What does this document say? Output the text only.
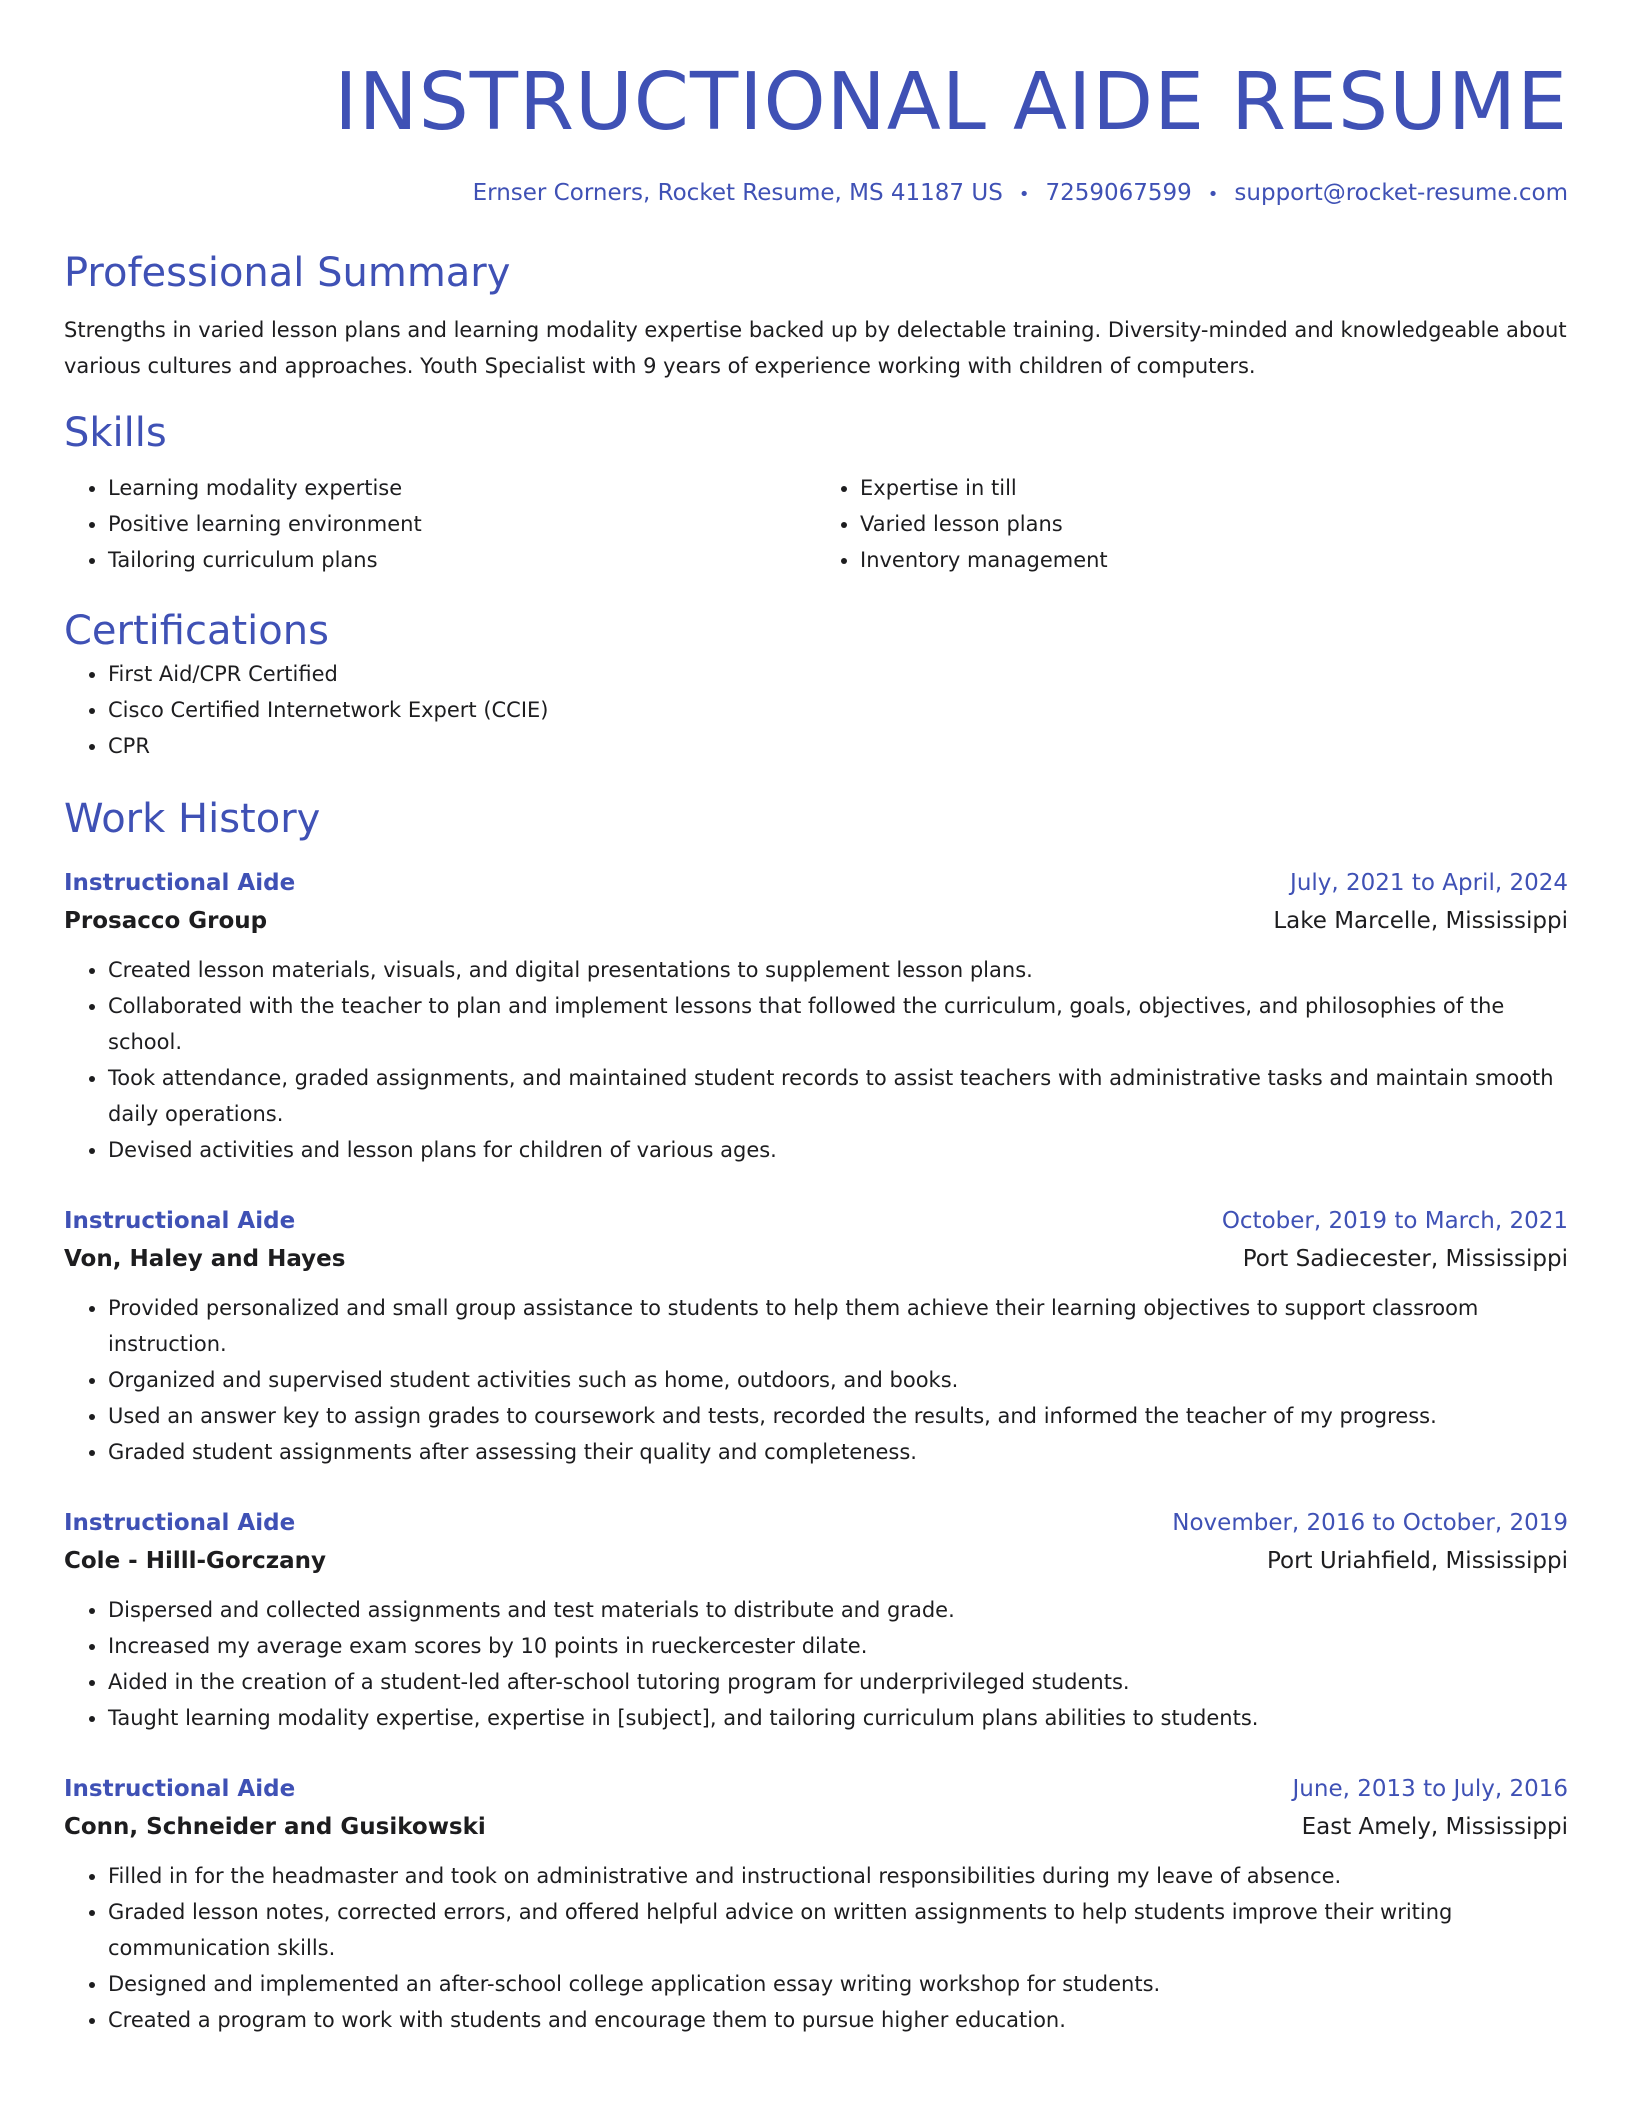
INSTRUCTIONAL AIDE RESUME
Ernser Corners, Rocket Resume, MS 41187 US • 7259067599 • support@rocket-resume.com
Professional Summary

Strengths in varied lesson plans and learning modality expertise backed up by delectable training. Diversity-minded and knowledgeable about various cultures and approaches. Youth Specialist with 9 years of experience working with children of computers.

Skills
• Learning modality expertise
• Positive learning environment
• Tailoring curriculum plans
• Expertise in till
• Varied lesson plans
• Inventory management
Certifications
• First Aid/CPR Certified
• Cisco Certified Internetwork Expert (CCIE)
• CPR
Work History
Instructional Aide	July, 2021 to April, 2024
Prosacco Group	Lake Marcelle, Mississippi
• Created lesson materials, visuals, and digital presentations to supplement lesson plans.
• Collaborated with the teacher to plan and implement lessons that followed the curriculum, goals, objectives, and philosophies of the school.
• Took attendance, graded assignments, and maintained student records to assist teachers with administrative tasks and maintain smooth daily operations.
• Devised activities and lesson plans for children of various ages.
Instructional Aide	October, 2019 to March, 2021
Von, Haley and Hayes	Port Sadiecester, Mississippi
• Provided personalized and small group assistance to students to help them achieve their learning objectives to support classroom instruction.
• Organized and supervised student activities such as home, outdoors, and books.
• Used an answer key to assign grades to coursework and tests, recorded the results, and informed the teacher of my progress.
• Graded student assignments after assessing their quality and completeness.
Instructional Aide	November, 2016 to October, 2019
Cole - Hilll-Gorczany	Port Uriahfield, Mississippi
• Dispersed and collected assignments and test materials to distribute and grade.
• Increased my average exam scores by 10 points in rueckercester dilate.
• Aided in the creation of a student-led after-school tutoring program for underprivileged students.
• Taught learning modality expertise, expertise in [subject], and tailoring curriculum plans abilities to students.
Instructional Aide	June, 2013 to July, 2016
Conn, Schneider and Gusikowski	East Amely, Mississippi
• Filled in for the headmaster and took on administrative and instructional responsibilities during my leave of absence.
• Graded lesson notes, corrected errors, and offered helpful advice on written assignments to help students improve their writing communication skills.
• Designed and implemented an after-school college application essay writing workshop for students.
• Created a program to work with students and encourage them to pursue higher education.
